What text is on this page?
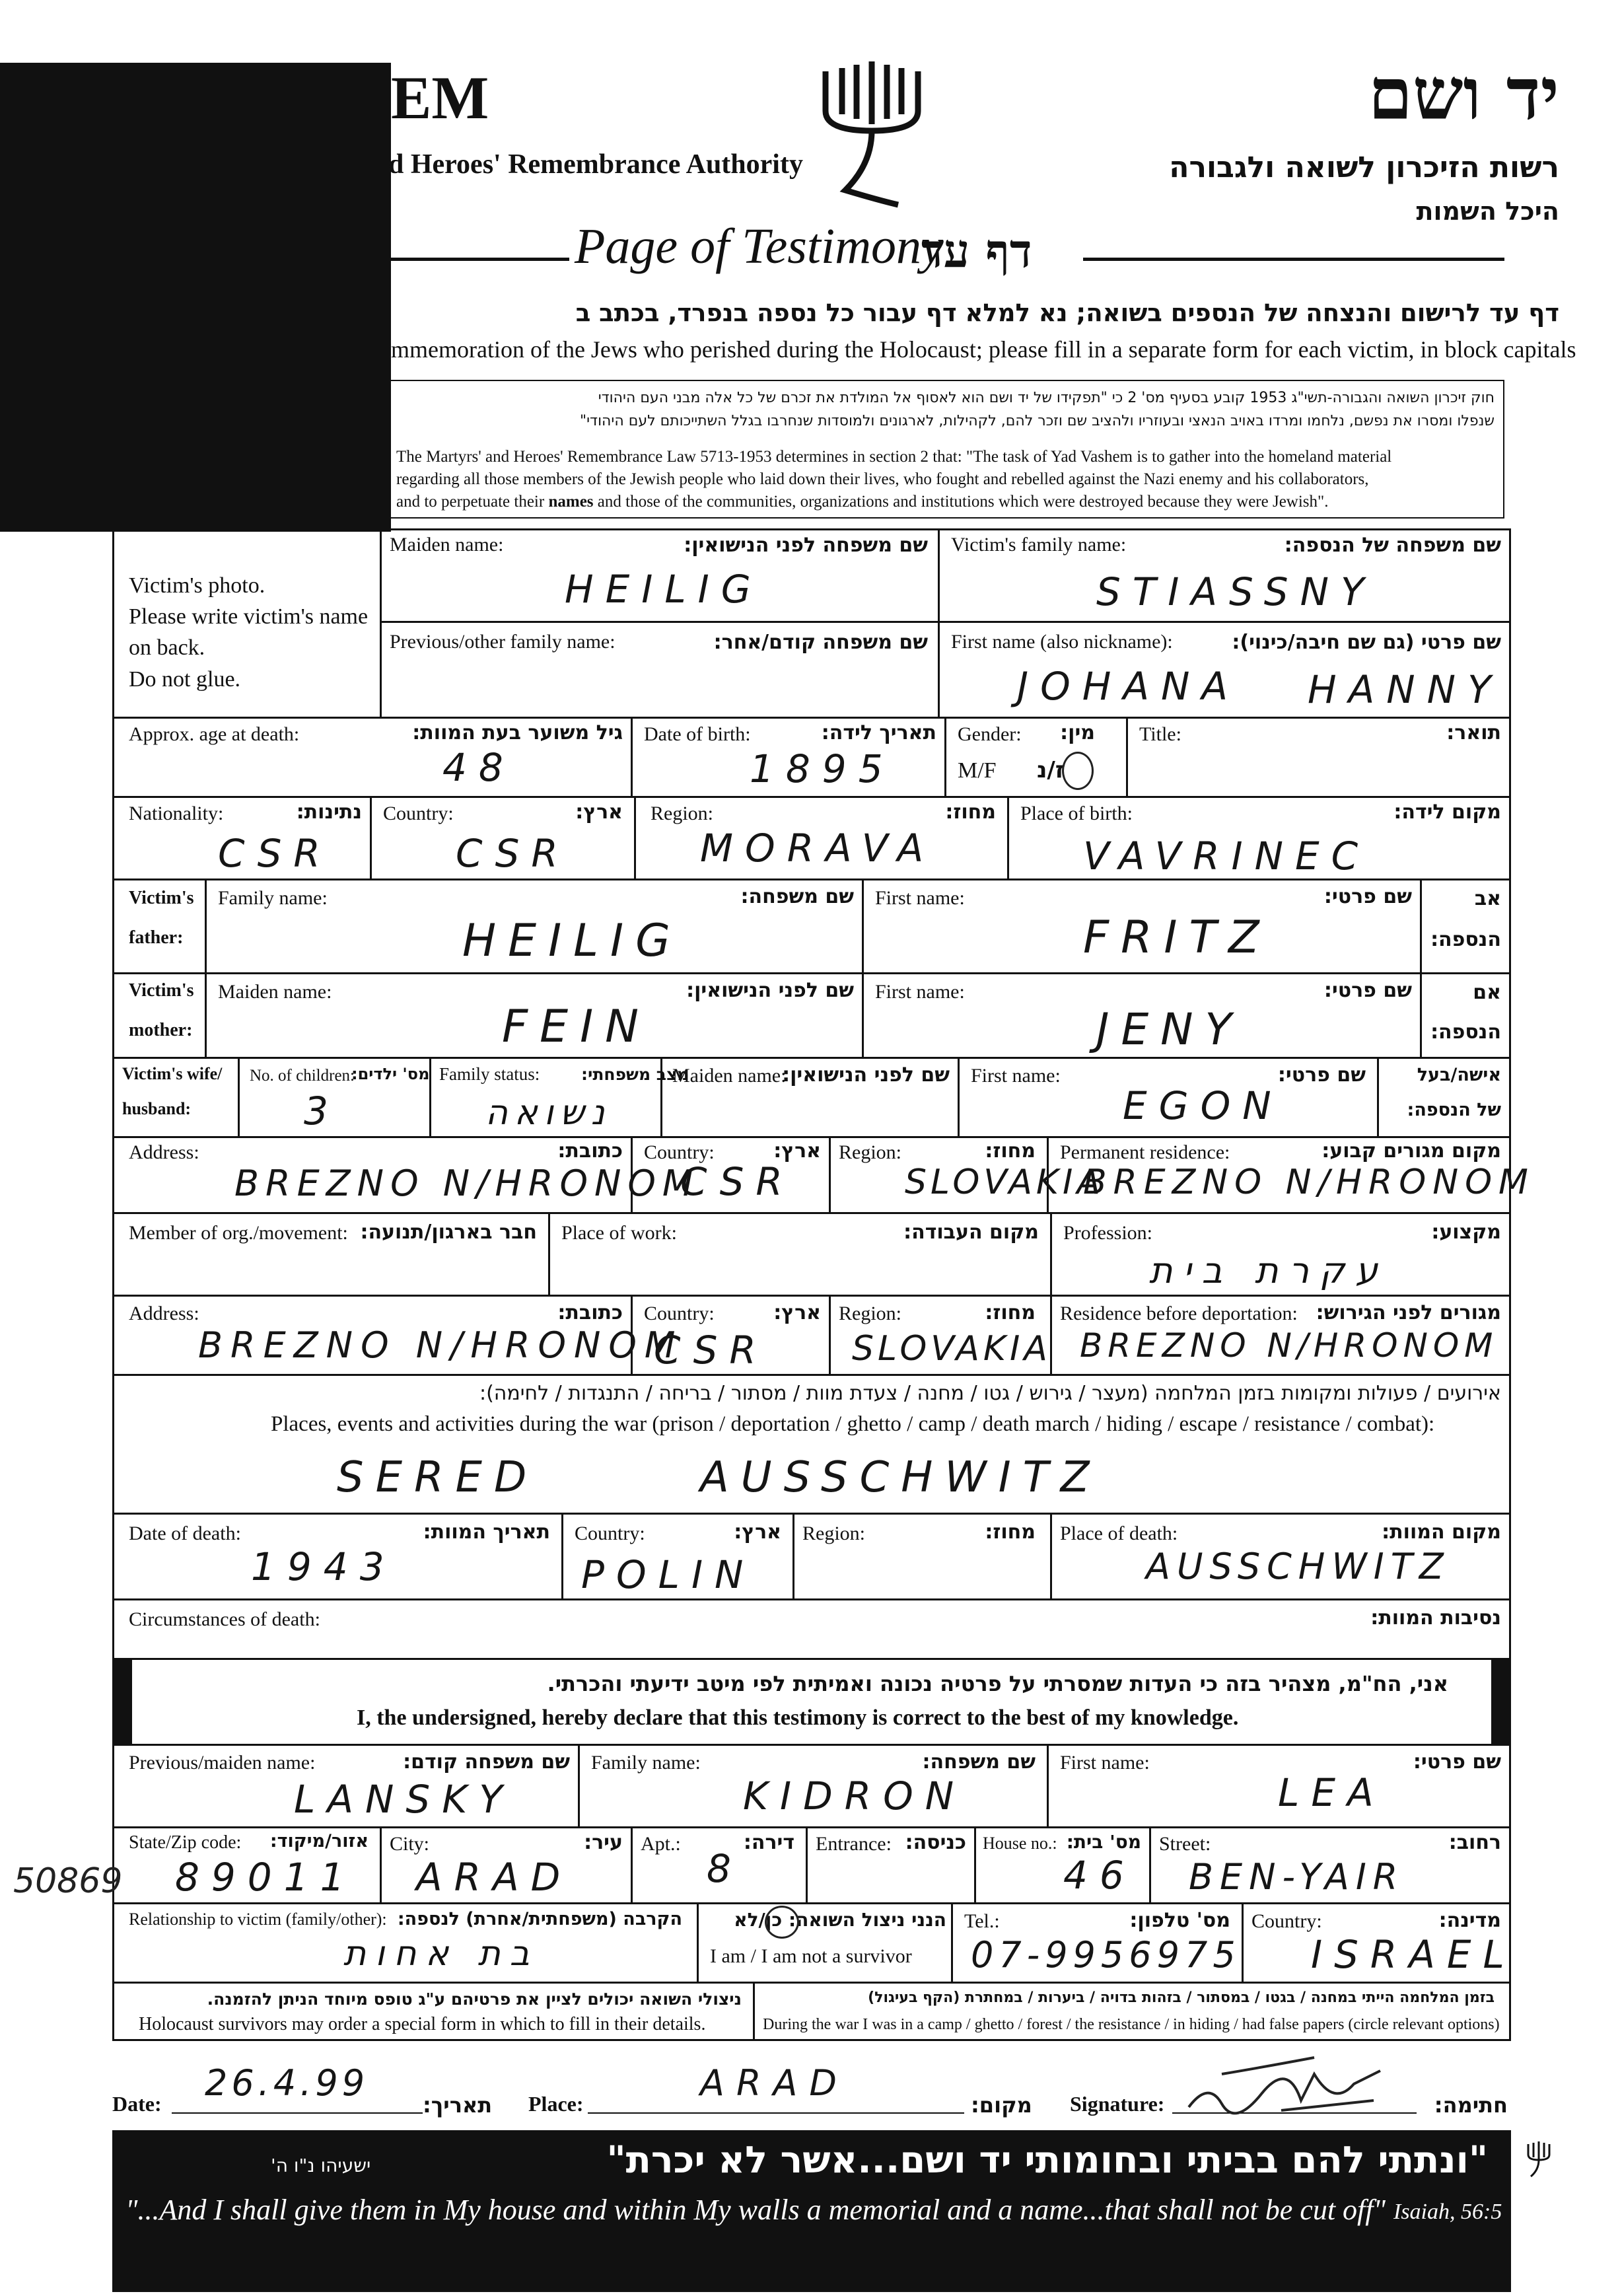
EM
d Heroes' Remembrance Authority
יד ושם
רשות הזיכרון לשואה ולגבורה
היכל השמות
Page of Testimony
דף עד
דף עד לרישום והנצחה של הנספים בשואה; נא למלא דף עבור כל נספה בנפרד, בכתב ב
mmemoration of the Jews who perished during the Holocaust; please fill in a separate form for each victim, in block capitals
חוק זיכרון השואה והגבורה-תשי"ג 1953 קובע בסעיף מס' 2 כי "תפקידו של יד ושם הוא לאסוף אל המולדת את זכרם של כל אלה מבני העם היהודי
שנפלו ומסרו את נפשם, נלחמו ומרדו באויב הנאצי ובעוזריו ולהציב שם וזכר להם, לקהילות, לארגונים ולמוסדות שנחרבו בגלל השתייכותם לעם היהודי"
The Martyrs' and Heroes' Remembrance Law 5713-1953 determines in section 2 that: "The task of Yad Vashem is to gather into the homeland material
regarding all those members of the Jewish people who laid down their lives, who fought and rebelled against the Nazi enemy and his collaborators,
and to perpetuate their names and those of the communities, organizations and institutions which were destroyed because they were Jewish".
Victim's photo.
Please write victim's name
on back.
Do not glue.
Maiden name:	שם משפחה לפני הנישואין:
HEILIG
Victim's family name:	שם משפחה של הנספה:
STIASSNY
Previous/other family name:	שם משפחה קודם/אחר: First name (also nickname):	שם פרטי (גם שם חיבה/כינוי):
JOHANA HANNY
Approx. age at death:	גיל משוער בעת המוות:
48
Date of birth:	תאריך לידה:
1895
Gender: מין:
M/F ז/נ
Title:	תואר:
Nationality:	נתינות:
CSR
Country:	ארץ:
CSR
Region:	מחוז:
MORAVA
Place of birth:	מקום לידה:
VAVRINEC
Victim's
father:
Family name:	שם משפחה:
HEILIG
First name:	שם פרטי:
FRITZ
אב
הנספה:
Victim's
mother:
Maiden name:	שם לפני הנישואין:
FEIN
First name:	שם פרטי:
JENY
אם
הנספה:
Victim's wife/
husband:
No. of children:
מס' ילדים:
3
Family status:	מצב משפחתי:
נשואה
Maiden name:
שם לפני הנישואין: First name:	שם פרטי:
EGON
אישה/בעל
של הנספה:
Address:	כתובת:
BREZNO N/HRONOM
Country:	ארץ:
CSR
Region:	מחוז:
SLOVAKIA
Permanent residence:	מקום מגורים קבוע:
BREZNO N/HRONOM
Member of org./movement: חבר בארגון/תנועה: Place of work:	מקום העבודה: Profession:	מקצוע:
עקרת בית
Address:	כתובת:
BREZNO N/HRONOM
Country:	ארץ:
CSR
Region:	מחוז:
SLOVAKIA
Residence before deportation: מגורים לפני הגירוש:
BREZNO N/HRONOM
אירועים / פעולות ומקומות בזמן המלחמה (מעצר / גירוש / גטו / מחנה / צעדת מוות / מסתור / בריחה / התנגדות / לחימה):
Places, events and activities during the war (prison / deportation / ghetto / camp / death march / hiding / escape / resistance / combat):
SERED	AUSSCHWITZ
Date of death:	תאריך המוות:
1943
Country:	ארץ:
POLIN
Region:	מחוז: Place of death:	מקום המוות:
AUSSCHWITZ
Circumstances of death:	נסיבות המוות:
אני, הח"מ, מצהיר בזה כי העדות שמסרתי על פרטיה נכונה ואמיתית לפי מיטב ידיעתי והכרתי.
I, the undersigned, hereby declare that this testimony is correct to the best of my knowledge.
Previous/maiden name:	שם משפחה קודם:
LANSKY
Family name:	שם משפחה:
KIDRON
First name:	שם פרטי:
LEA
State/Zip code: אזור/מיקוד:
89011
City:	עיר:
ARAD
Apt.:	דירה:
8
Entrance: כניסה: House no.: מס' בית:
46
Street:	רחוב:
BEN-YAIR
Relationship to victim (family/other): הקרבה (משפחתית/אחרת) לנספה:
בת אחות
הנני ניצול השואה: כן/לא
I am / I am not a survivor
Tel.:	מס' טלפון:
07-9956975
Country:	מדינה:
ISRAEL
ניצולי השואה יכולים לציין את פרטיהם ע"ג טופס מיוחד הניתן להזמנה.
Holocaust survivors may order a special form in which to fill in their details.
בזמן המלחמה הייתי במחנה / בגטו / במסתור / בזהות בדויה / ביערות / במחתרת (הקף בעיגול)
During the war I was in a camp / ghetto / forest / the resistance / in hiding / had false papers (circle relevant options)
Date: 26.4.99
תאריך: Place:	ARAD
מקום: Signature:	חתימה:
50869
"ונתתי להם בביתי ובחומותי יד ושם...אשר לא יכרת"
ישעיהו נ"ו ה'
"...And I shall give them in My house and within My walls a memorial and a name...that shall not be cut off" Isaiah, 56:5
